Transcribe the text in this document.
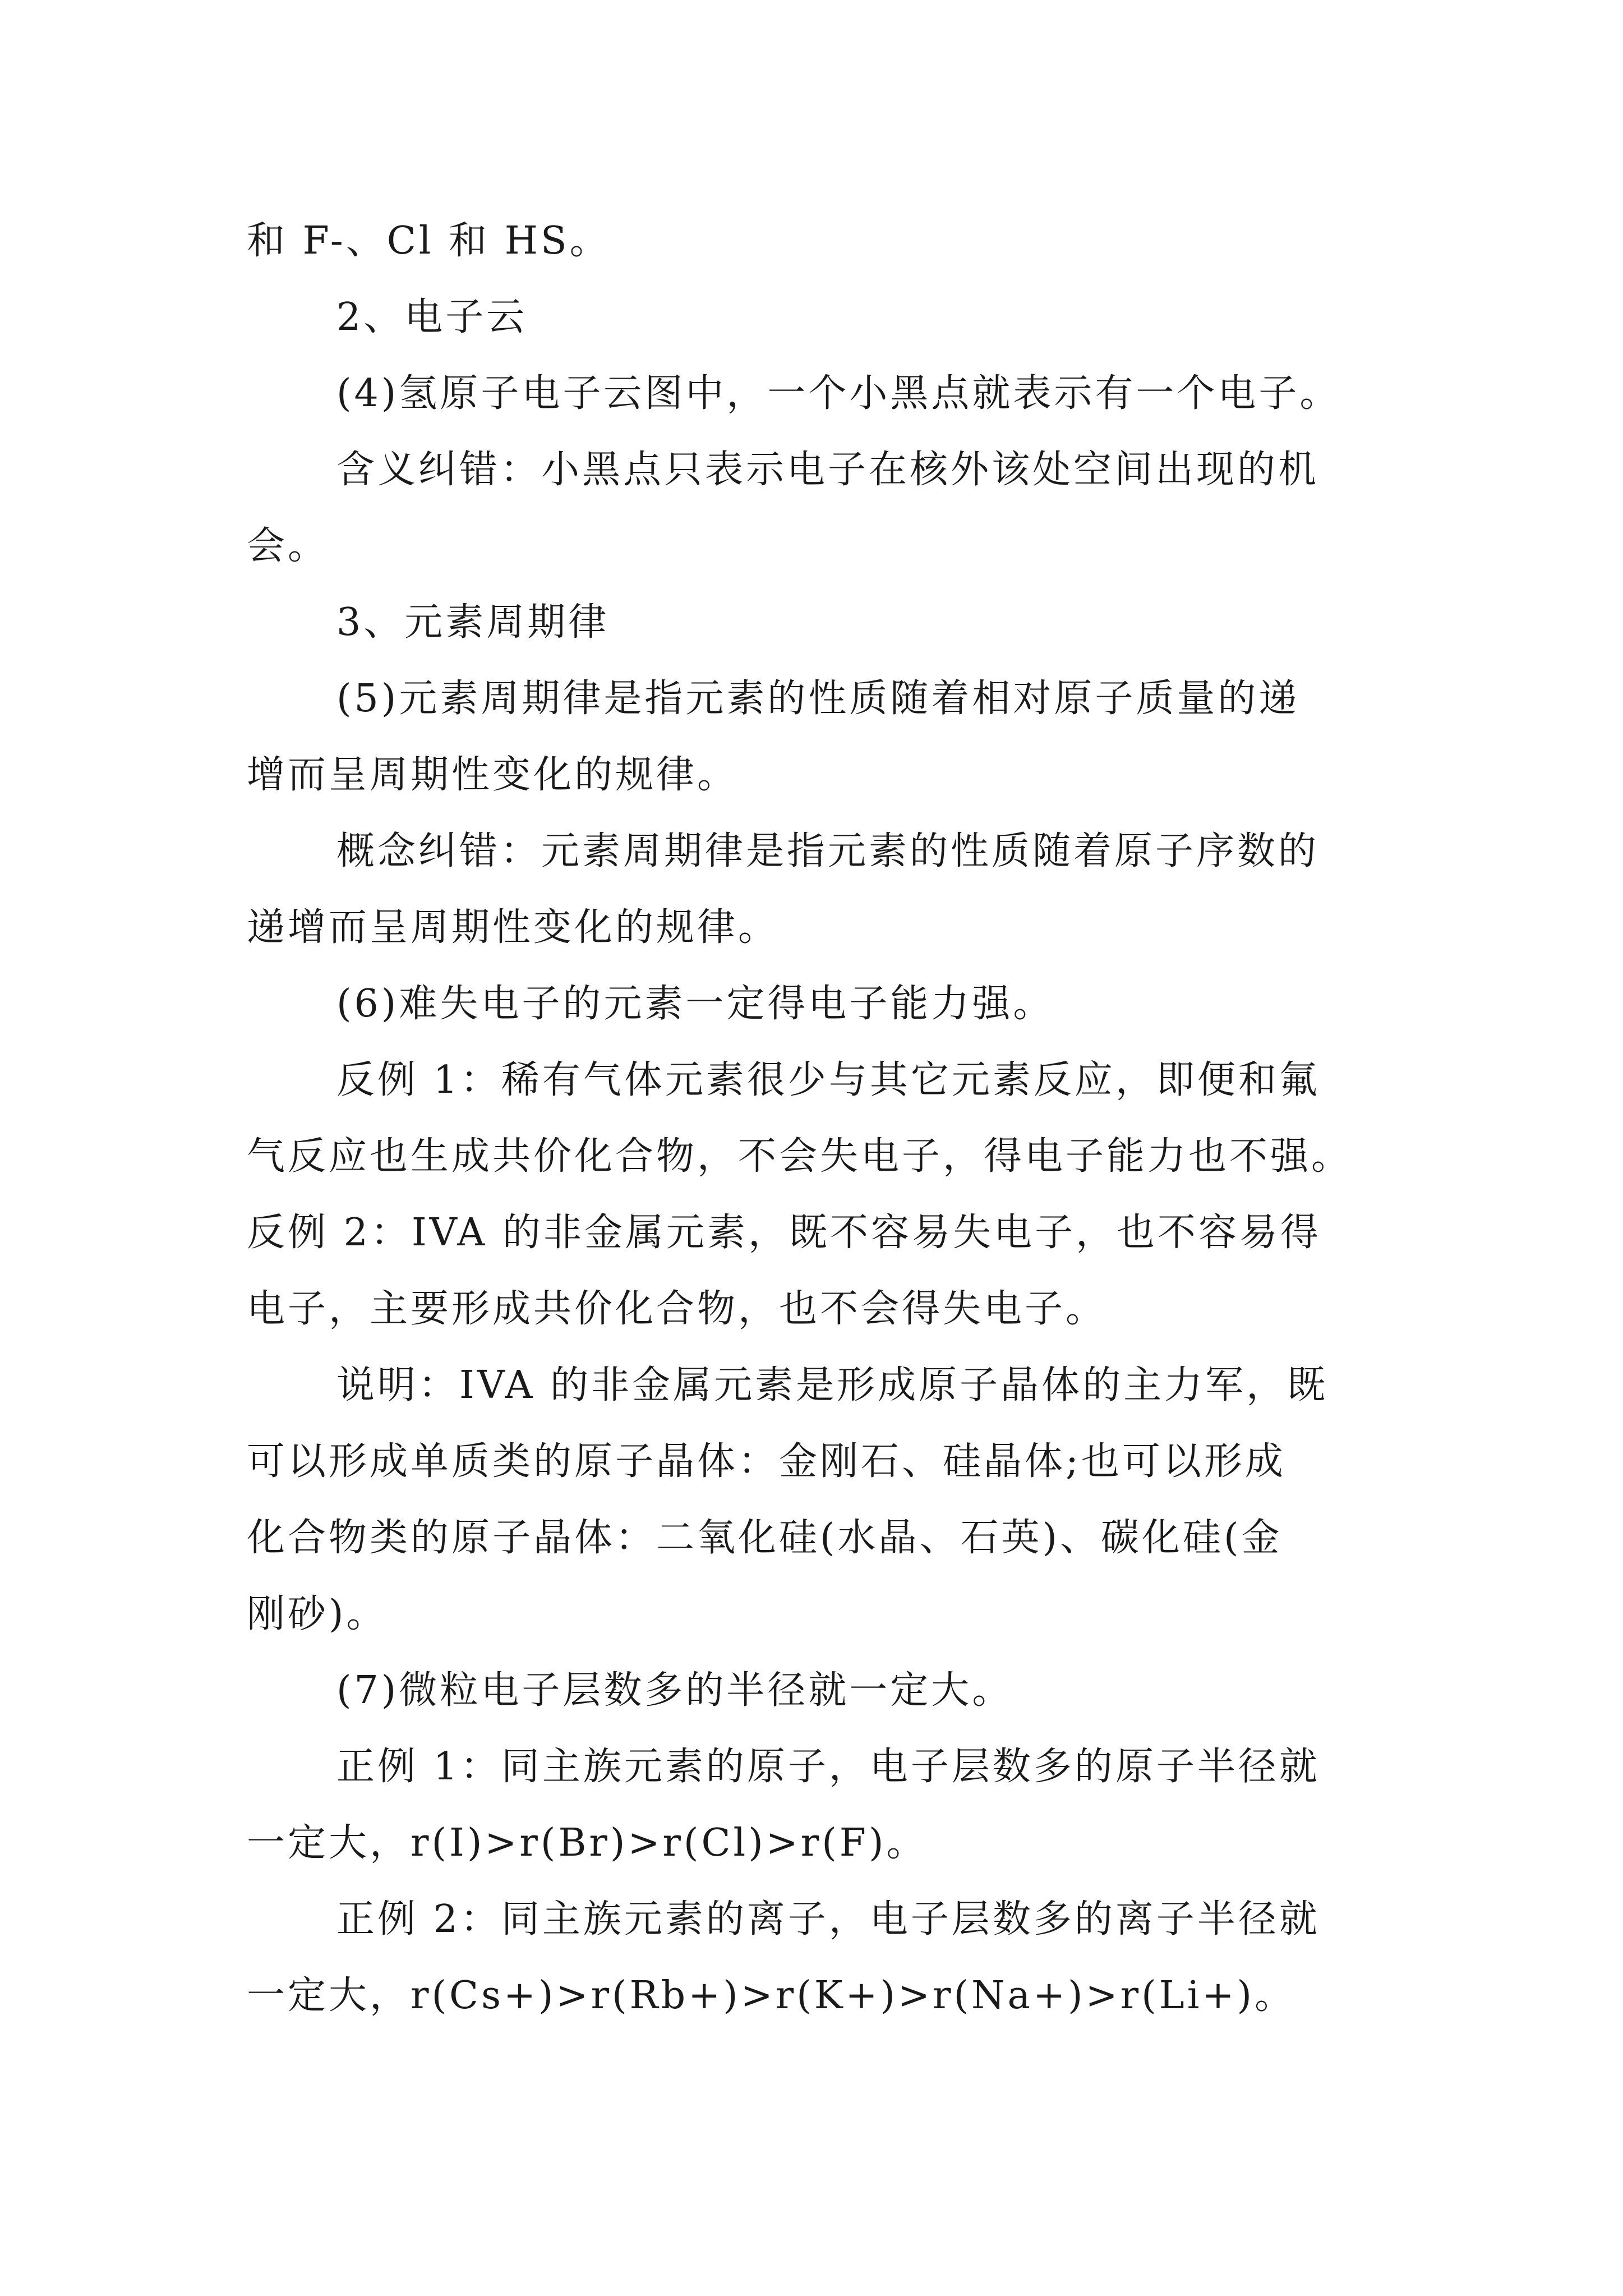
和 F-、Cl 和 HS。
2、电子云
(4)氢原子电子云图中，一个小黑点就表示有一个电子。
含义纠错：小黑点只表示电子在核外该处空间出现的机
会。
3、元素周期律
(5)元素周期律是指元素的性质随着相对原子质量的递
增而呈周期性变化的规律。
概念纠错：元素周期律是指元素的性质随着原子序数的
递增而呈周期性变化的规律。
(6)难失电子的元素一定得电子能力强。
反例 1：稀有气体元素很少与其它元素反应，即便和氟
气反应也生成共价化合物，不会失电子，得电子能力也不强。
反例 2：IVA 的非金属元素，既不容易失电子，也不容易得
电子，主要形成共价化合物，也不会得失电子。
说明：IVA 的非金属元素是形成原子晶体的主力军，既
可以形成单质类的原子晶体：金刚石、硅晶体;也可以形成
化合物类的原子晶体：二氧化硅(水晶、石英)、碳化硅(金
刚砂)。
(7)微粒电子层数多的半径就一定大。
正例 1：同主族元素的原子，电子层数多的原子半径就
一定大，r(I)>r(Br)>r(Cl)>r(F)。
正例 2：同主族元素的离子，电子层数多的离子半径就
一定大，r(Cs+)>r(Rb+)>r(K+)>r(Na+)>r(Li+)。
